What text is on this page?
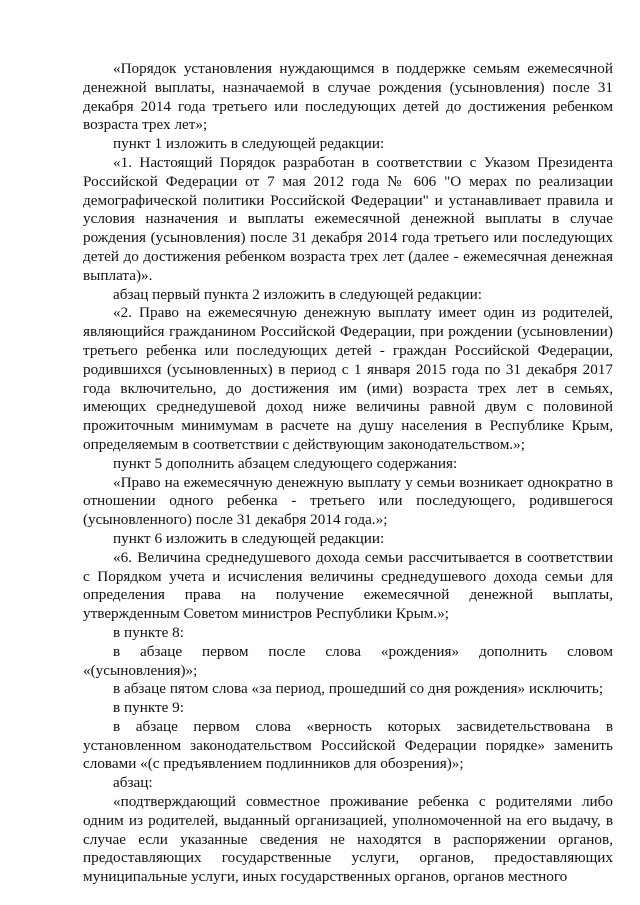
«Порядок установления нуждающимся в поддержке семьям ежемесячной денежной выплаты, назначаемой в случае рождения (усыновления) после 31 декабря 2014 года третьего или последующих детей до достижения ребенком возраста трех лет»;

пункт 1 изложить в следующей редакции:

«1. Настоящий Порядок разработан в соответствии с Указом Президента Российской Федерации от 7 мая 2012 года № 606 "О мерах по реализации демографической политики Российской Федерации" и устанавливает правила и условия назначения и выплаты ежемесячной денежной выплаты в случае рождения (усыновления) после 31 декабря 2014 года третьего или последующих детей до достижения ребенком возраста трех лет (далее - ежемесячная денежная выплата)».

абзац первый пункта 2 изложить в следующей редакции:

«2. Право на ежемесячную денежную выплату имеет один из родителей, являющийся гражданином Российской Федерации, при рождении (усыновлении) третьего ребенка или последующих детей - граждан Российской Федерации, родившихся (усыновленных) в период с 1 января 2015 года по 31 декабря 2017 года включительно, до достижения им (ими) возраста трех лет в семьях, имеющих среднедушевой доход ниже величины равной двум с половиной прожиточным минимумам в расчете на душу населения в Республике Крым, определяемым в соответствии с действующим законодательством.»;

пункт 5 дополнить абзацем следующего содержания:

«Право на ежемесячную денежную выплату у семьи возникает однократно в отношении одного ребенка - третьего или последующего, родившегося (усыновленного) после 31 декабря 2014 года.»;

пункт 6 изложить в следующей редакции:

«6. Величина среднедушевого дохода семьи рассчитывается в соответствии с Порядком учета и исчисления величины среднедушевого дохода семьи для определения права на получение ежемесячной денежной выплаты, утвержденным Советом министров Республики Крым.»;

в пункте 8:

в абзаце первом после слова «рождения» дополнить словом «(усыновления)»;

в абзаце пятом слова «за период, прошедший со дня рождения» исключить;

в пункте 9:

в абзаце первом слова «верность которых засвидетельствована в установленном законодательством Российской Федерации порядке» заменить словами «(с предъявлением подлинников для обозрения)»;

абзац:

«подтверждающий совместное проживание ребенка с родителями либо одним из родителей, выданный организацией, уполномоченной на его выдачу, в случае если указанные сведения не находятся в распоряжении органов, предоставляющих государственные услуги, органов, предоставляющих муниципальные услуги, иных государственных органов, органов местного
